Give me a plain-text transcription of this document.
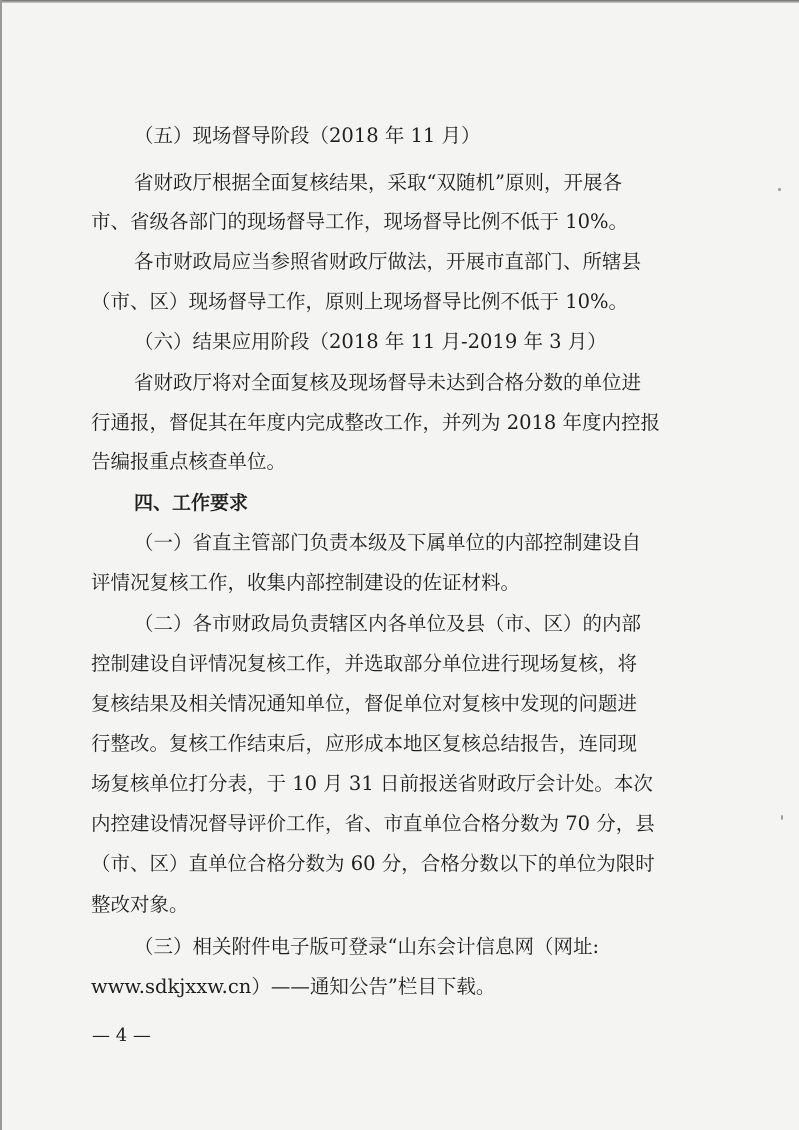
（五）现场督导阶段（2018 年 11 月）
省财政厅根据全面复核结果，采取“双随机”原则，开展各
市、省级各部门的现场督导工作，现场督导比例不低于 10%。
各市财政局应当参照省财政厅做法，开展市直部门、所辖县
（市、区）现场督导工作，原则上现场督导比例不低于 10%。
（六）结果应用阶段（2018 年 11 月-2019 年 3 月）
省财政厅将对全面复核及现场督导未达到合格分数的单位进
行通报，督促其在年度内完成整改工作，并列为 2018 年度内控报
告编报重点核查单位。
四、工作要求
（一）省直主管部门负责本级及下属单位的内部控制建设自
评情况复核工作，收集内部控制建设的佐证材料。
（二）各市财政局负责辖区内各单位及县（市、区）的内部
控制建设自评情况复核工作，并选取部分单位进行现场复核，将
复核结果及相关情况通知单位，督促单位对复核中发现的问题进
行整改。复核工作结束后，应形成本地区复核总结报告，连同现
场复核单位打分表，于 10 月 31 日前报送省财政厅会计处。本次
内控建设情况督导评价工作，省、市直单位合格分数为 70 分，县
（市、区）直单位合格分数为 60 分，合格分数以下的单位为限时
整改对象。
（三）相关附件电子版可登录“山东会计信息网（网址:
www.sdkjxxw.cn）——通知公告”栏目下载。
— 4 —
